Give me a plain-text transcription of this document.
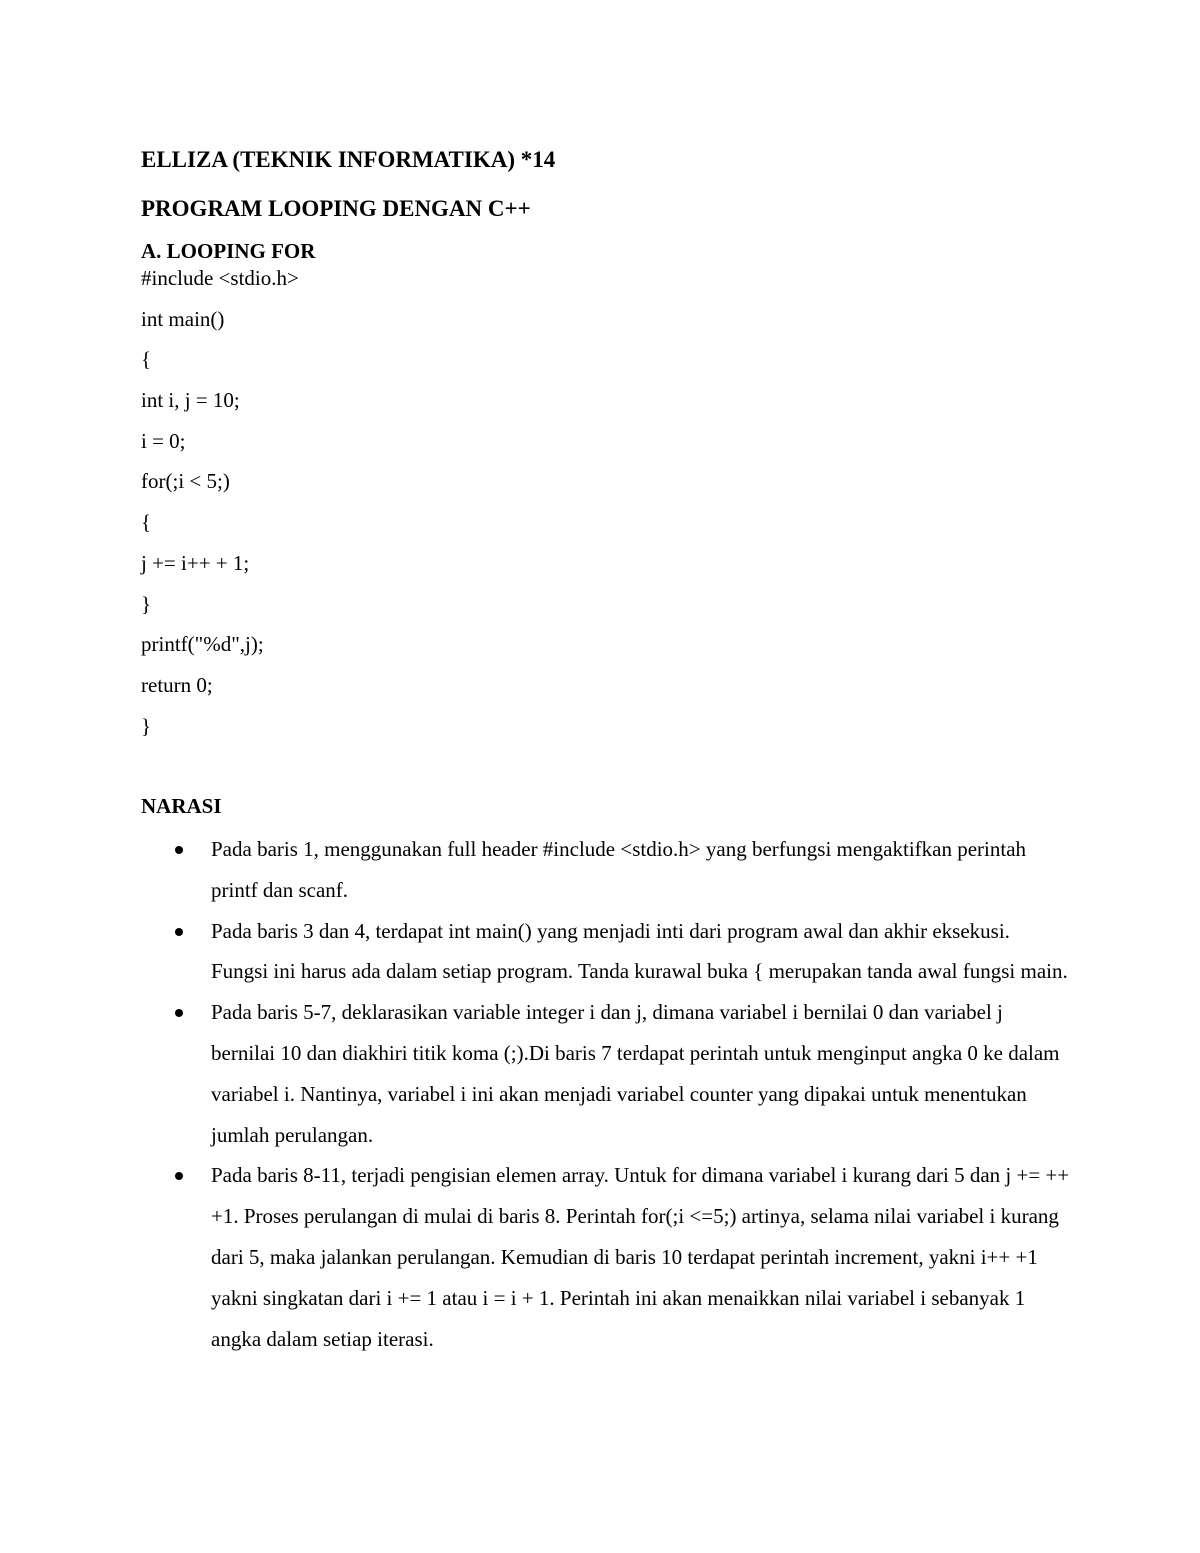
ELLIZA (TEKNIK INFORMATIKA) *14
PROGRAM LOOPING DENGAN C++
A. LOOPING FOR
#include <stdio.h>
int main()
{
int i, j = 10;
i = 0;
for(;i < 5;)
{
j += i++ + 1;
}
printf("%d",j);
return 0;
}
NARASI
Pada baris 1, menggunakan full header #include <stdio.h> yang berfungsi mengaktifkan perintah printf dan scanf.
Pada baris 3 dan 4, terdapat int main() yang menjadi inti dari program awal dan akhir eksekusi. Fungsi ini harus ada dalam setiap program. Tanda kurawal buka { merupakan tanda awal fungsi main.
Pada baris 5-7, deklarasikan variable integer i dan j, dimana variabel i bernilai 0 dan variabel j bernilai 10 dan diakhiri titik koma (;).Di baris 7 terdapat perintah untuk menginput angka 0 ke dalam variabel i. Nantinya, variabel i ini akan menjadi variabel counter yang dipakai untuk menentukan jumlah perulangan.
Pada baris 8-11, terjadi pengisian elemen array. Untuk for dimana variabel i kurang dari 5 dan j += ++ +1. Proses perulangan di mulai di baris 8. Perintah for(;i <=5;) artinya, selama nilai variabel i kurang dari 5, maka jalankan perulangan. Kemudian di baris 10 terdapat perintah increment, yakni i++ +1 yakni singkatan dari i += 1 atau i = i + 1. Perintah ini akan menaikkan nilai variabel i sebanyak 1 angka dalam setiap iterasi.
